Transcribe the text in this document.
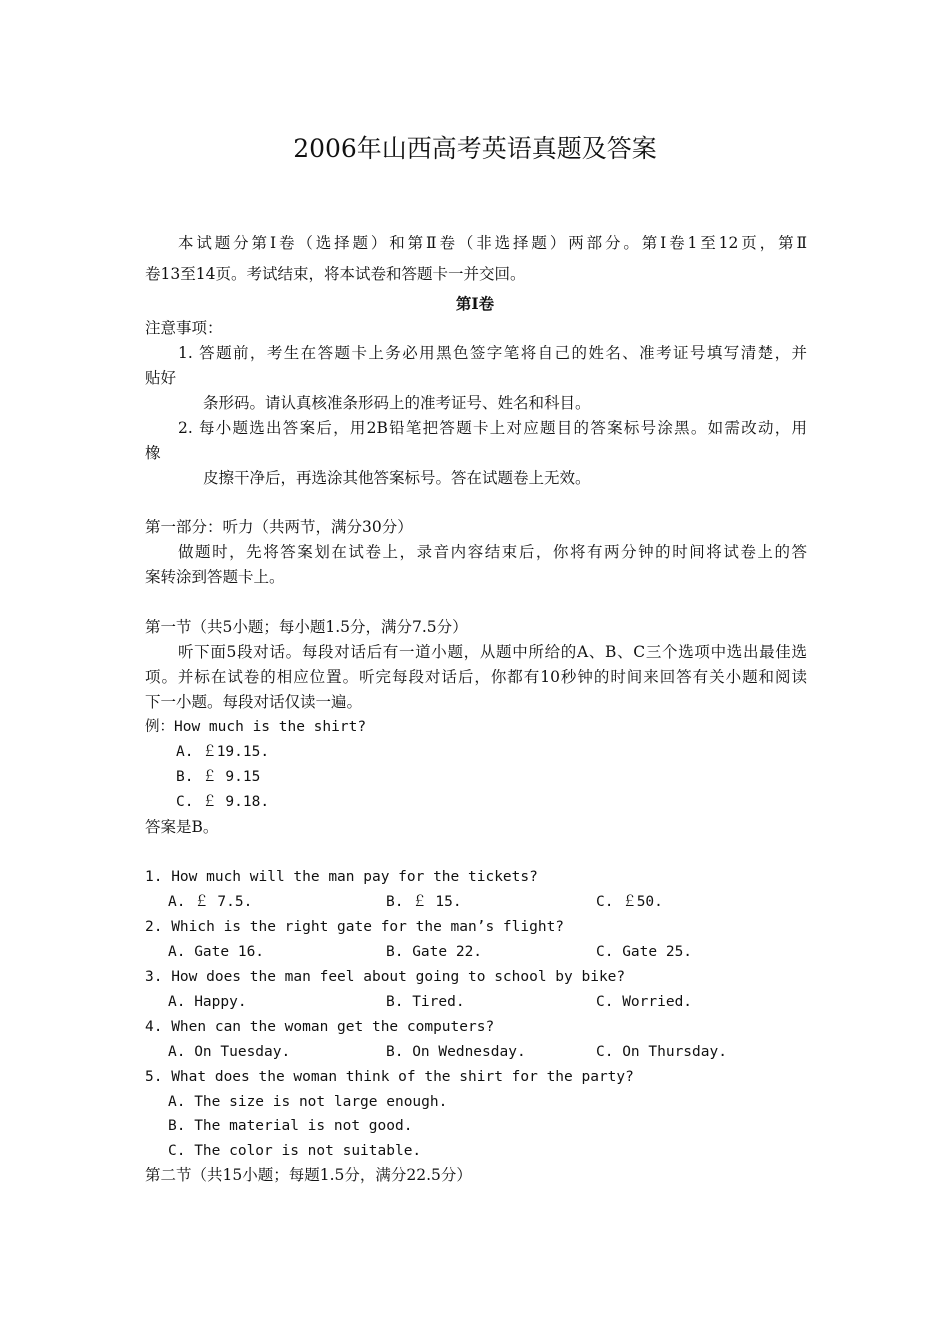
2006年山西高考英语真题及答案
本试题分第Ⅰ卷（选择题）和第Ⅱ卷（非选择题）两部分。第Ⅰ卷1至12页，第Ⅱ
卷13至14页。考试结束，将本试卷和答题卡一并交回。
第Ⅰ卷
注意事项：
1. 答题前，考生在答题卡上务必用黑色签字笔将自己的姓名、准考证号填写清楚，并
贴好
条形码。请认真核准条形码上的准考证号、姓名和科目。
2. 每小题选出答案后，用2B铅笔把答题卡上对应题目的答案标号涂黑。如需改动，用
橡
皮擦干净后，再选涂其他答案标号。答在试题卷上无效。
第一部分：听力（共两节，满分30分）
做题时，先将答案划在试卷上，录音内容结束后，你将有两分钟的时间将试卷上的答
案转涂到答题卡上。
第一节（共5小题；每小题1.5分，满分7.5分）
听下面5段对话。每段对话后有一道小题，从题中所给的A、B、C三个选项中选出最佳选
项。并标在试卷的相应位置。听完每段对话后，你都有10秒钟的时间来回答有关小题和阅读
下一小题。每段对话仅读一遍。
例：How much is the shirt?
A. ￡19.15.
B. ￡ 9.15
C. ￡ 9.18.
答案是B。
1. How much will the man pay for the tickets?
A. ￡ 7.5.	B. ￡ 15.	C. ￡50.
2. Which is the right gate for the man’s flight?
A. Gate 16.	B. Gate 22.	C. Gate 25.
3. How does the man feel about going to school by bike?
A. Happy.	B. Tired.	C. Worried.
4. When can the woman get the computers?
A. On Tuesday.	B. On Wednesday.	C. On Thursday.
5. What does the woman think of the shirt for the party?
A. The size is not large enough.
B. The material is not good.
C. The color is not suitable.
第二节（共15小题；每题1.5分，满分22.5分）
